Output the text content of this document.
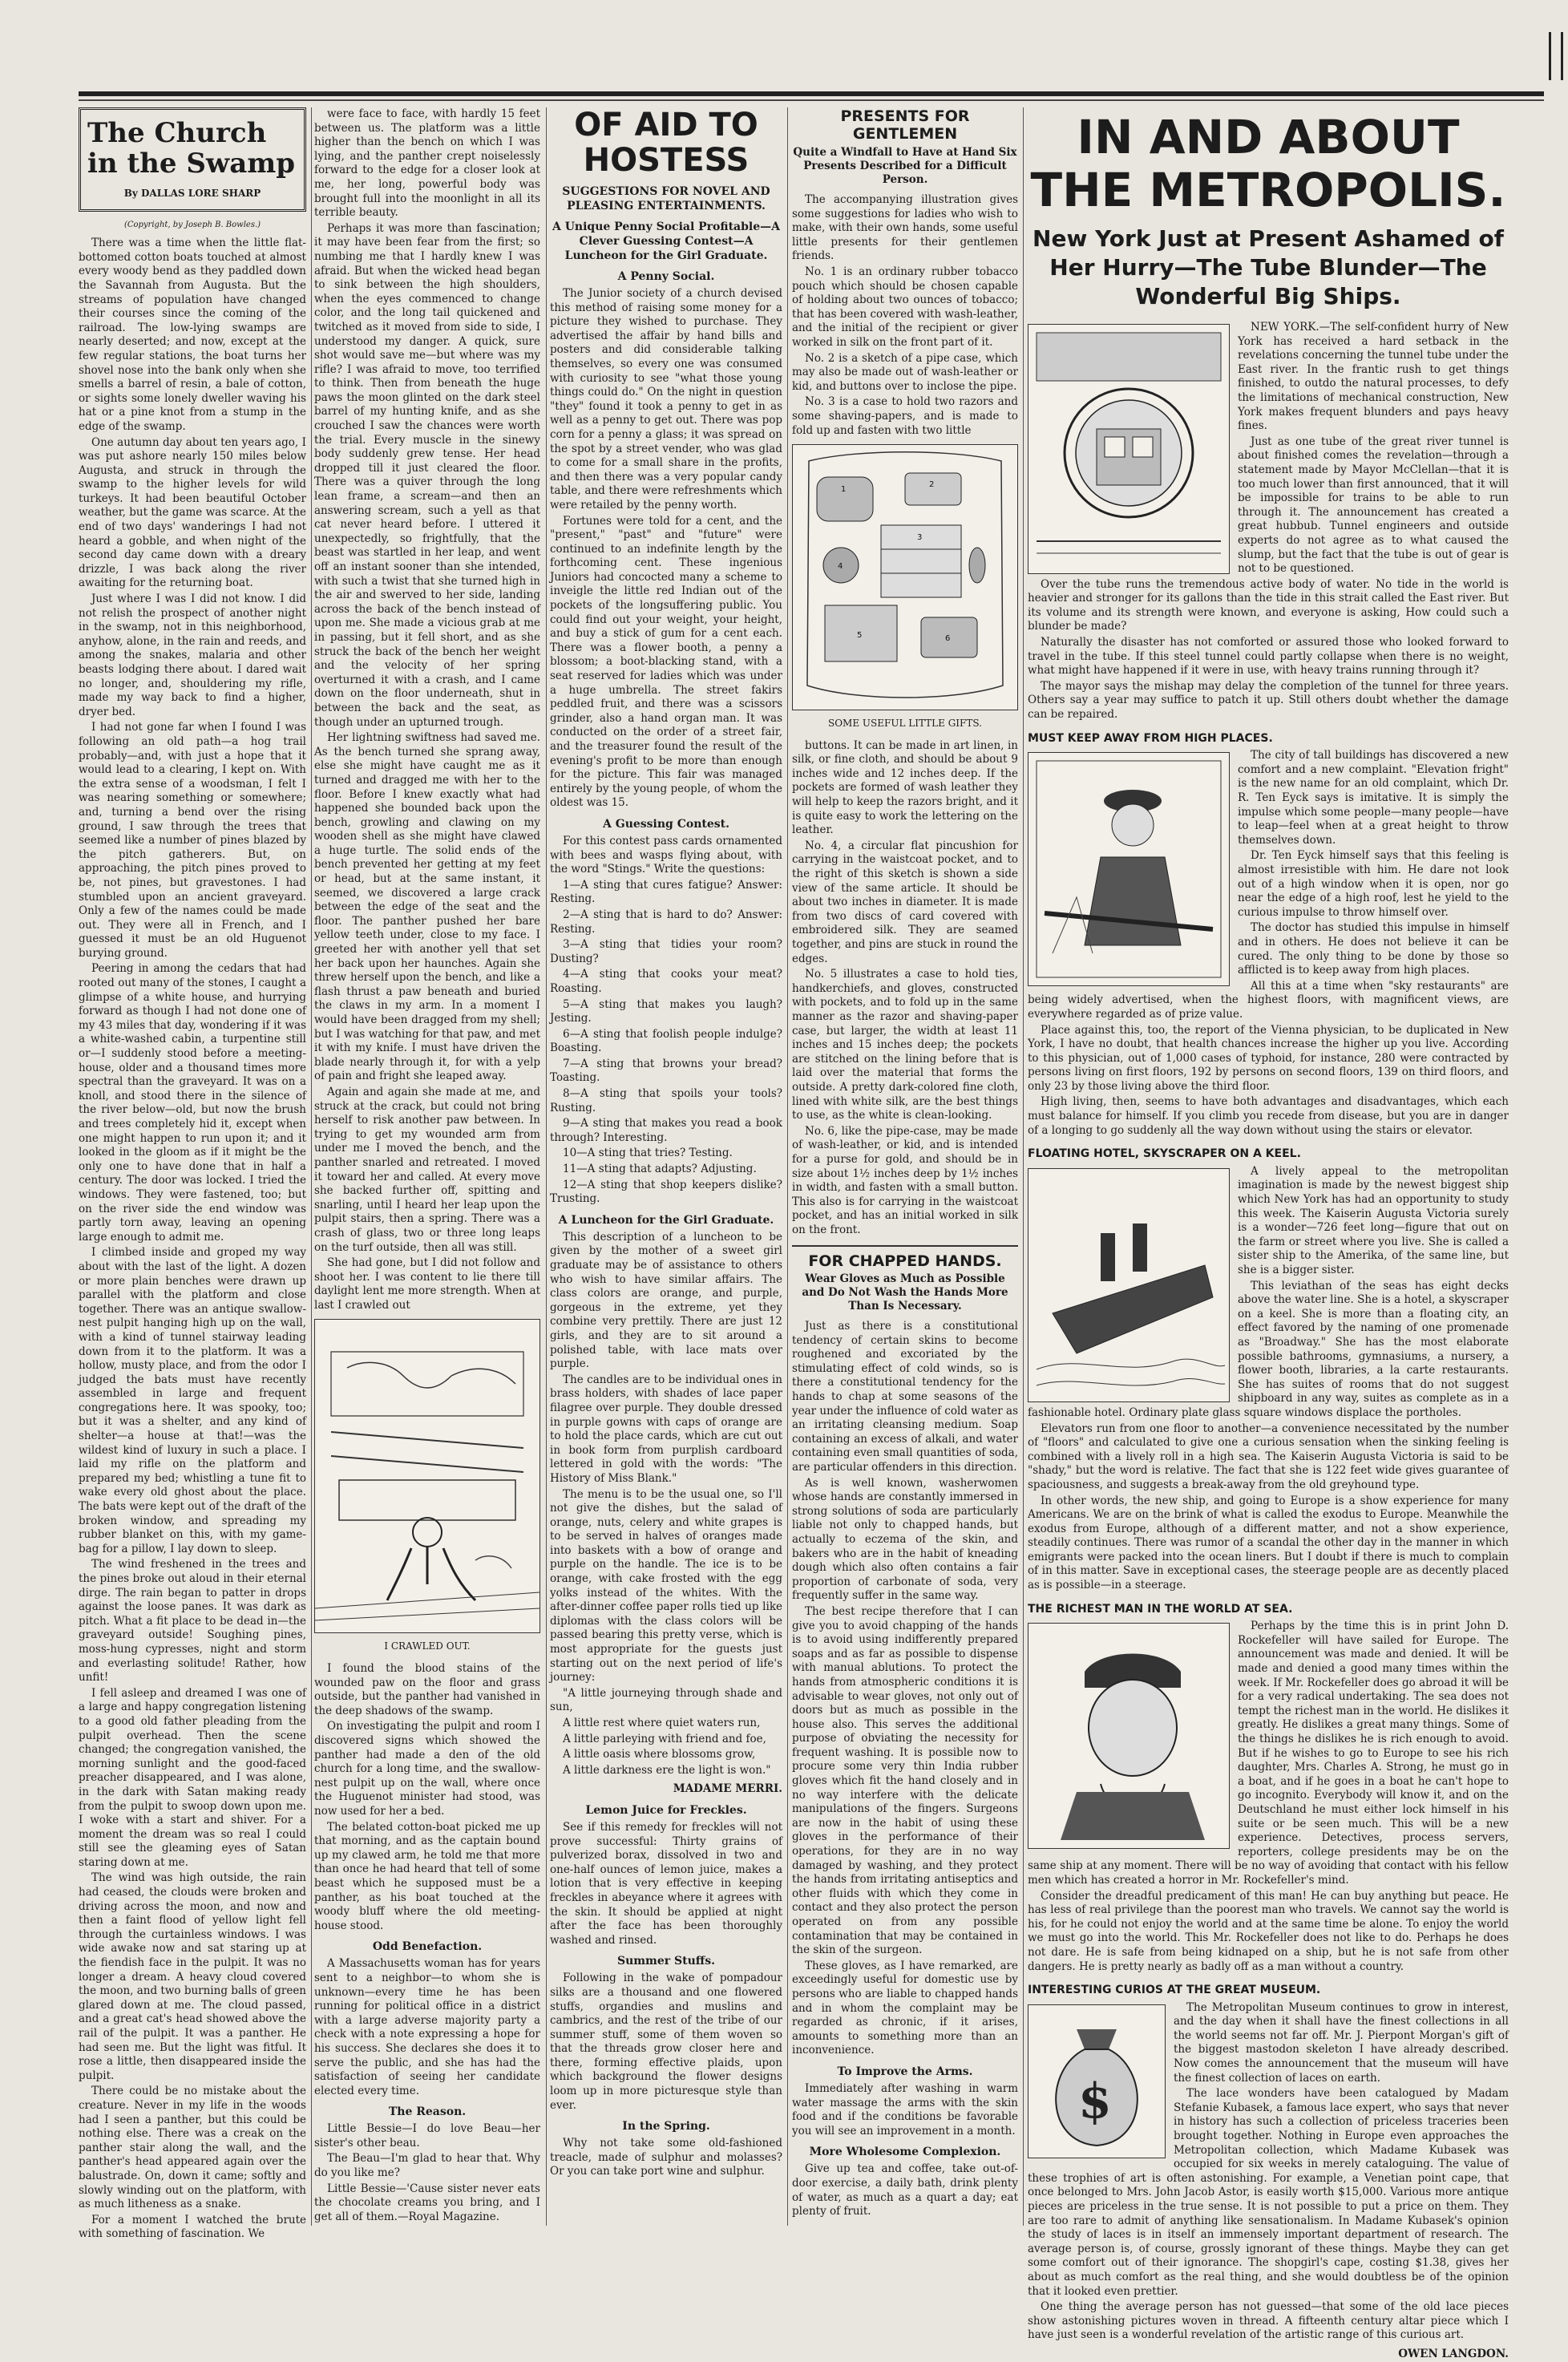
The Church
in the Swamp
By DALLAS LORE SHARP
(Copyright, by Joseph B. Bowles.)

There was a time when the little flat-bottomed cotton boats touched at almost every woody bend as they paddled down the Savannah from Augusta. But the streams of population have changed their courses since the coming of the railroad. The low-lying swamps are nearly deserted; and now, except at the few regular stations, the boat turns her shovel nose into the bank only when she smells a barrel of resin, a bale of cotton, or sights some lonely dweller waving his hat or a pine knot from a stump in the edge of the swamp.

One autumn day about ten years ago, I was put ashore nearly 150 miles below Augusta, and struck in through the swamp to the higher levels for wild turkeys. It had been beautiful October weather, but the game was scarce. At the end of two days' wanderings I had not heard a gobble, and when night of the second day came down with a dreary drizzle, I was back along the river awaiting for the returning boat.

Just where I was I did not know. I did not relish the prospect of another night in the swamp, not in this neighborhood, anyhow, alone, in the rain and reeds, and among the snakes, malaria and other beasts lodging there about. I dared wait no longer, and, shouldering my rifle, made my way back to find a higher, dryer bed.

I had not gone far when I found I was following an old path—a hog trail probably—and, with just a hope that it would lead to a clearing, I kept on. With the extra sense of a woodsman, I felt I was nearing something or somewhere; and, turning a bend over the rising ground, I saw through the trees that seemed like a number of pines blazed by the pitch gatherers. But, on approaching, the pitch pines proved to be, not pines, but gravestones. I had stumbled upon an ancient graveyard. Only a few of the names could be made out. They were all in French, and I guessed it must be an old Huguenot burying ground.

Peering in among the cedars that had rooted out many of the stones, I caught a glimpse of a white house, and hurrying forward as though I had not done one of my 43 miles that day, wondering if it was a white-washed cabin, a turpentine still or—I suddenly stood before a meeting-house, older and a thousand times more spectral than the graveyard. It was on a knoll, and stood there in the silence of the river below—old, but now the brush and trees completely hid it, except when one might happen to run upon it; and it looked in the gloom as if it might be the only one to have done that in half a century. The door was locked. I tried the windows. They were fastened, too; but on the river side the end window was partly torn away, leaving an opening large enough to admit me.

I climbed inside and groped my way about with the last of the light. A dozen or more plain benches were drawn up parallel with the platform and close together. There was an antique swallow-nest pulpit hanging high up on the wall, with a kind of tunnel stairway leading down from it to the platform. It was a hollow, musty place, and from the odor I judged the bats must have recently assembled in large and frequent congregations here. It was spooky, too; but it was a shelter, and any kind of shelter—a house at that!—was the wildest kind of luxury in such a place. I laid my rifle on the platform and prepared my bed; whistling a tune fit to wake every old ghost about the place. The bats were kept out of the draft of the broken window, and spreading my rubber blanket on this, with my game-bag for a pillow, I lay down to sleep.

The wind freshened in the trees and the pines broke out aloud in their eternal dirge. The rain began to patter in drops against the loose panes. It was dark as pitch. What a fit place to be dead in—the graveyard outside! Soughing pines, moss-hung cypresses, night and storm and everlasting solitude! Rather, how unfit!

I fell asleep and dreamed I was one of a large and happy congregation listening to a good old father pleading from the pulpit overhead. Then the scene changed; the congregation vanished, the morning sunlight and the good-faced preacher disappeared, and I was alone, in the dark with Satan making ready from the pulpit to swoop down upon me. I woke with a start and shiver. For a moment the dream was so real I could still see the gleaming eyes of Satan staring down at me.

The wind was high outside, the rain had ceased, the clouds were broken and driving across the moon, and now and then a faint flood of yellow light fell through the curtainless windows. I was wide awake now and sat staring up at the fiendish face in the pulpit. It was no longer a dream. A heavy cloud covered the moon, and two burning balls of green glared down at me. The cloud passed, and a great cat's head showed above the rail of the pulpit. It was a panther. He had seen me. But the light was fitful. It rose a little, then disappeared inside the pulpit.

There could be no mistake about the creature. Never in my life in the woods had I seen a panther, but this could be nothing else. There was a creak on the panther stair along the wall, and the panther's head appeared again over the balustrade. On, down it came; softly and slowly winding out on the platform, with as much litheness as a snake.

For a moment I watched the brute with something of fascination. We

were face to face, with hardly 15 feet between us. The platform was a little higher than the bench on which I was lying, and the panther crept noiselessly forward to the edge for a closer look at me, her long, powerful body was brought full into the moonlight in all its terrible beauty.

Perhaps it was more than fascination; it may have been fear from the first; so numbing me that I hardly knew I was afraid. But when the wicked head began to sink between the high shoulders, when the eyes commenced to change color, and the long tail quickened and twitched as it moved from side to side, I understood my danger. A quick, sure shot would save me—but where was my rifle? I was afraid to move, too terrified to think. Then from beneath the huge paws the moon glinted on the dark steel barrel of my hunting knife, and as she crouched I saw the chances were worth the trial. Every muscle in the sinewy body suddenly grew tense. Her head dropped till it just cleared the floor. There was a quiver through the long lean frame, a scream—and then an answering scream, such a yell as that cat never heard before. I uttered it unexpectedly, so frightfully, that the beast was startled in her leap, and went off an instant sooner than she intended, with such a twist that she turned high in the air and swerved to her side, landing across the back of the bench instead of upon me. She made a vicious grab at me in passing, but it fell short, and as she struck the back of the bench her weight and the velocity of her spring overturned it with a crash, and I came down on the floor underneath, shut in between the back and the seat, as though under an upturned trough.

Her lightning swiftness had saved me. As the bench turned she sprang away, else she might have caught me as it turned and dragged me with her to the floor. Before I knew exactly what had happened she bounded back upon the bench, growling and clawing on my wooden shell as she might have clawed a huge turtle. The solid ends of the bench prevented her getting at my feet or head, but at the same instant, it seemed, we discovered a large crack between the edge of the seat and the floor. The panther pushed her bare yellow teeth under, close to my face. I greeted her with another yell that set her back upon her haunches. Again she threw herself upon the bench, and like a flash thrust a paw beneath and buried the claws in my arm. In a moment I would have been dragged from my shell; but I was watching for that paw, and met it with my knife. I must have driven the blade nearly through it, for with a yelp of pain and fright she leaped away.

Again and again she made at me, and struck at the crack, but could not bring herself to risk another paw between. In trying to get my wounded arm from under me I moved the bench, and the panther snarled and retreated. I moved it toward her and called. At every move she backed further off, spitting and snarling, until I heard her leap upon the pulpit stairs, then a spring. There was a crash of glass, two or three long leaps on the turf outside, then all was still.

She had gone, but I did not follow and shoot her. I was content to lie there till daylight lent me more strength. When at last I crawled out

I CRAWLED OUT.

I found the blood stains of the wounded paw on the floor and grass outside, but the panther had vanished in the deep shadows of the swamp.

On investigating the pulpit and room I discovered signs which showed the panther had made a den of the old church for a long time, and the swallow-nest pulpit up on the wall, where once the Huguenot minister had stood, was now used for her a bed.

The belated cotton-boat picked me up that morning, and as the captain bound up my clawed arm, he told me that more than once he had heard that tell of some beast which he supposed must be a panther, as his boat touched at the woody bluff where the old meeting-house stood.

Odd Benefaction.

A Massachusetts woman has for years sent to a neighbor—to whom she is unknown—every time he has been running for political office in a district with a large adverse majority party a check with a note expressing a hope for his success. She declares she does it to serve the public, and she has had the satisfaction of seeing her candidate elected every time.

The Reason.

Little Bessie—I do love Beau—her sister's other beau.

The Beau—I'm glad to hear that. Why do you like me?

Little Bessie—'Cause sister never eats the chocolate creams you bring, and I get all of them.—Royal Magazine.

OF AID TO HOSTESS
SUGGESTIONS FOR NOVEL AND PLEASING ENTERTAINMENTS.
A Unique Penny Social Profitable—A Clever Guessing Contest—A Luncheon for the Girl Graduate.
A Penny Social.

The Junior society of a church devised this method of raising some money for a picture they wished to purchase. They advertised the affair by hand bills and posters and did considerable talking themselves, so every one was consumed with curiosity to see "what those young things could do." On the night in question "they" found it took a penny to get in as well as a penny to get out. There was pop corn for a penny a glass; it was spread on the spot by a street vender, who was glad to come for a small share in the profits, and then there was a very popular candy table, and there were refreshments which were retailed by the penny worth.

Fortunes were told for a cent, and the "present," "past" and "future" were continued to an indefinite length by the forthcoming cent. These ingenious Juniors had concocted many a scheme to inveigle the little red Indian out of the pockets of the longsuffering public. You could find out your weight, your height, and buy a stick of gum for a cent each. There was a flower booth, a penny a blossom; a boot-blacking stand, with a seat reserved for ladies which was under a huge umbrella. The street fakirs peddled fruit, and there was a scissors grinder, also a hand organ man. It was conducted on the order of a street fair, and the treasurer found the result of the evening's profit to be more than enough for the picture. This fair was managed entirely by the young people, of whom the oldest was 15.

A Guessing Contest.

For this contest pass cards ornamented with bees and wasps flying about, with the word "Stings." Write the questions:

1—A sting that cures fatigue? Answer: Resting.

2—A sting that is hard to do? Answer: Resting.

3—A sting that tidies your room? Dusting?

4—A sting that cooks your meat? Roasting.

5—A sting that makes you laugh? Jesting.

6—A sting that foolish people indulge? Boasting.

7—A sting that browns your bread? Toasting.

8—A sting that spoils your tools? Rusting.

9—A sting that makes you read a book through? Interesting.

10—A sting that tries? Testing.

11—A sting that adapts? Adjusting.

12—A sting that shop keepers dislike? Trusting.

A Luncheon for the Girl Graduate.

This description of a luncheon to be given by the mother of a sweet girl graduate may be of assistance to others who wish to have similar affairs. The class colors are orange, and purple, gorgeous in the extreme, yet they combine very prettily. There are just 12 girls, and they are to sit around a polished table, with lace mats over purple.

The candles are to be individual ones in brass holders, with shades of lace paper filagree over purple. They double dressed in purple gowns with caps of orange are to hold the place cards, which are cut out in book form from purplish cardboard lettered in gold with the words: "The History of Miss Blank."

The menu is to be the usual one, so I'll not give the dishes, but the salad of orange, nuts, celery and white grapes is to be served in halves of oranges made into baskets with a bow of orange and purple on the handle. The ice is to be orange, with cake frosted with the egg yolks instead of the whites. With the after-dinner coffee paper rolls tied up like diplomas with the class colors will be passed bearing this pretty verse, which is most appropriate for the guests just starting out on the next period of life's journey:

"A little journeying through shade and sun,

A little rest where quiet waters run,

A little parleying with friend and foe,

A little oasis where blossoms grow,

A little darkness ere the light is won."

MADAME MERRI.
Lemon Juice for Freckles.

See if this remedy for freckles will not prove successful: Thirty grains of pulverized borax, dissolved in two and one-half ounces of lemon juice, makes a lotion that is very effective in keeping freckles in abeyance where it agrees with the skin. It should be applied at night after the face has been thoroughly washed and rinsed.

Summer Stuffs.

Following in the wake of pompadour silks are a thousand and one flowered stuffs, organdies and muslins and cambrics, and the rest of the tribe of our summer stuff, some of them woven so that the threads grow closer here and there, forming effective plaids, upon which background the flower designs loom up in more picturesque style than ever.

In the Spring.

Why not take some old-fashioned treacle, made of sulphur and molasses? Or you can take port wine and sulphur.

PRESENTS FOR GENTLEMEN
Quite a Windfall to Have at Hand Six Presents Described for a Difficult Person.

The accompanying illustration gives some suggestions for ladies who wish to make, with their own hands, some useful little presents for their gentlemen friends.

No. 1 is an ordinary rubber tobacco pouch which should be chosen capable of holding about two ounces of tobacco; that has been covered with wash-leather, and the initial of the recipient or giver worked in silk on the front part of it.

No. 2 is a sketch of a pipe case, which may also be made out of wash-leather or kid, and buttons over to inclose the pipe.

No. 3 is a case to hold two razors and some shaving-papers, and is made to fold up and fasten with two little

1
2
3
4
5	6
SOME USEFUL LITTLE GIFTS.

buttons. It can be made in art linen, in silk, or fine cloth, and should be about 9 inches wide and 12 inches deep. If the pockets are formed of wash leather they will help to keep the razors bright, and it is quite easy to work the lettering on the leather.

No. 4, a circular flat pincushion for carrying in the waistcoat pocket, and to the right of this sketch is shown a side view of the same article. It should be about two inches in diameter. It is made from two discs of card covered with embroidered silk. They are seamed together, and pins are stuck in round the edges.

No. 5 illustrates a case to hold ties, handkerchiefs, and gloves, constructed with pockets, and to fold up in the same manner as the razor and shaving-paper case, but larger, the width at least 11 inches and 15 inches deep; the pockets are stitched on the lining before that is laid over the material that forms the outside. A pretty dark-colored fine cloth, lined with white silk, are the best things to use, as the white is clean-looking.

No. 6, like the pipe-case, may be made of wash-leather, or kid, and is intended for a purse for gold, and should be in size about 1½ inches deep by 1½ inches in width, and fasten with a small button. This also is for carrying in the waistcoat pocket, and has an initial worked in silk on the front.

FOR CHAPPED HANDS.
Wear Gloves as Much as Possible and Do Not Wash the Hands More Than Is Necessary.

Just as there is a constitutional tendency of certain skins to become roughened and excoriated by the stimulating effect of cold winds, so is there a constitutional tendency for the hands to chap at some seasons of the year under the influence of cold water as an irritating cleansing medium. Soap containing an excess of alkali, and water containing even small quantities of soda, are particular offenders in this direction.

As is well known, washerwomen whose hands are constantly immersed in strong solutions of soda are particularly liable not only to chapped hands, but actually to eczema of the skin, and bakers who are in the habit of kneading dough which also often contains a fair proportion of carbonate of soda, very frequently suffer in the same way.

The best recipe therefore that I can give you to avoid chapping of the hands is to avoid using indifferently prepared soaps and as far as possible to dispense with manual ablutions. To protect the hands from atmospheric conditions it is advisable to wear gloves, not only out of doors but as much as possible in the house also. This serves the additional purpose of obviating the necessity for frequent washing. It is possible now to procure some very thin India rubber gloves which fit the hand closely and in no way interfere with the delicate manipulations of the fingers. Surgeons are now in the habit of using these gloves in the performance of their operations, for they are in no way damaged by washing, and they protect the hands from irritating antiseptics and other fluids with which they come in contact and they also protect the person operated on from any possible contamination that may be contained in the skin of the surgeon.

These gloves, as I have remarked, are exceedingly useful for domestic use by persons who are liable to chapped hands and in whom the complaint may be regarded as chronic, if it arises, amounts to something more than an inconvenience.

To Improve the Arms.

Immediately after washing in warm water massage the arms with the skin food and if the conditions be favorable you will see an improvement in a month.

More Wholesome Complexion.

Give up tea and coffee, take out-of-door exercise, a daily bath, drink plenty of water, as much as a quart a day; eat plenty of fruit.

IN AND ABOUT THE METROPOLIS.
New York Just at Present Ashamed of Her Hurry—The Tube Blunder—The Wonderful Big Ships.

NEW YORK.—The self-confident hurry of New York has received a hard setback in the revelations concerning the tunnel tube under the East river. In the frantic rush to get things finished, to outdo the natural processes, to defy the limitations of mechanical construction, New York makes frequent blunders and pays heavy fines.

Just as one tube of the great river tunnel is about finished comes the revelation—through a statement made by Mayor McClellan—that it is too much lower than first announced, that it will be impossible for trains to be able to run through it. The announcement has created a great hubbub. Tunnel engineers and outside experts do not agree as to what caused the slump, but the fact that the tube is out of gear is not to be questioned.

Over the tube runs the tremendous active body of water. No tide in the world is heavier and stronger for its gallons than the tide in this strait called the East river. But its volume and its strength were known, and everyone is asking, How could such a blunder be made?

Naturally the disaster has not comforted or assured those who looked forward to travel in the tube. If this steel tunnel could partly collapse when there is no weight, what might have happened if it were in use, with heavy trains running through it?

The mayor says the mishap may delay the completion of the tunnel for three years. Others say a year may suffice to patch it up. Still others doubt whether the damage can be repaired.

MUST KEEP AWAY FROM HIGH PLACES.

The city of tall buildings has discovered a new comfort and a new complaint. "Elevation fright" is the new name for an old complaint, which Dr. R. Ten Eyck says is imitative. It is simply the impulse which some people—many people—have to leap—feel when at a great height to throw themselves down.

Dr. Ten Eyck himself says that this feeling is almost irresistible with him. He dare not look out of a high window when it is open, nor go near the edge of a high roof, lest he yield to the curious impulse to throw himself over.

The doctor has studied this impulse in himself and in others. He does not believe it can be cured. The only thing to be done by those so afflicted is to keep away from high places.

All this at a time when "sky restaurants" are being widely advertised, when the highest floors, with magnificent views, are everywhere regarded as of prize value.

Place against this, too, the report of the Vienna physician, to be duplicated in New York, I have no doubt, that health chances increase the higher up you live. According to this physician, out of 1,000 cases of typhoid, for instance, 280 were contracted by persons living on first floors, 192 by persons on second floors, 139 on third floors, and only 23 by those living above the third floor.

High living, then, seems to have both advantages and disadvantages, which each must balance for himself. If you climb you recede from disease, but you are in danger of a longing to go suddenly all the way down without using the stairs or elevator.

FLOATING HOTEL, SKYSCRAPER ON A KEEL.

A lively appeal to the metropolitan imagination is made by the newest biggest ship which New York has had an opportunity to study this week. The Kaiserin Augusta Victoria surely is a wonder—726 feet long—figure that out on the farm or street where you live. She is called a sister ship to the Amerika, of the same line, but she is a bigger sister.

This leviathan of the seas has eight decks above the water line. She is a hotel, a skyscraper on a keel. She is more than a floating city, an effect favored by the naming of one promenade as "Broadway." She has the most elaborate possible bathrooms, gymnasiums, a nursery, a flower booth, libraries, a la carte restaurants. She has suites of rooms that do not suggest shipboard in any way, suites as complete as in a fashionable hotel. Ordinary plate glass square windows displace the portholes.

Elevators run from one floor to another—a convenience necessitated by the number of "floors" and calculated to give one a curious sensation when the sinking feeling is combined with a lively roll in a high sea. The Kaiserin Augusta Victoria is said to be "shady," but the word is relative. The fact that she is 122 feet wide gives guarantee of spaciousness, and suggests a break-away from the old greyhound type.

In other words, the new ship, and going to Europe is a show experience for many Americans. We are on the brink of what is called the exodus to Europe. Meanwhile the exodus from Europe, although of a different matter, and not a show experience, steadily continues. There was rumor of a scandal the other day in the manner in which emigrants were packed into the ocean liners. But I doubt if there is much to complain of in this matter. Save in exceptional cases, the steerage people are as decently placed as is possible—in a steerage.

THE RICHEST MAN IN THE WORLD AT SEA.

Perhaps by the time this is in print John D. Rockefeller will have sailed for Europe. The announcement was made and denied. It will be made and denied a good many times within the week. If Mr. Rockefeller does go abroad it will be for a very radical undertaking. The sea does not tempt the richest man in the world. He dislikes it greatly. He dislikes a great many things. Some of the things he dislikes he is rich enough to avoid. But if he wishes to go to Europe to see his rich daughter, Mrs. Charles A. Strong, he must go in a boat, and if he goes in a boat he can't hope to go incognito. Everybody will know it, and on the Deutschland he must either lock himself in his suite or be seen much. This will be a new experience. Detectives, process servers, reporters, college presidents may be on the same ship at any moment. There will be no way of avoiding that contact with his fellow men which has created a horror in Mr. Rockefeller's mind.

Consider the dreadful predicament of this man! He can buy anything but peace. He has less of real privilege than the poorest man who travels. We cannot say the world is his, for he could not enjoy the world and at the same time be alone. To enjoy the world we must go into the world. This Mr. Rockefeller does not like to do. Perhaps he does not dare. He is safe from being kidnaped on a ship, but he is not safe from other dangers. He is pretty nearly as badly off as a man without a country.

INTERESTING CURIOS AT THE GREAT MUSEUM.
$

The Metropolitan Museum continues to grow in interest, and the day when it shall have the finest collections in all the world seems not far off. Mr. J. Pierpont Morgan's gift of the biggest mastodon skeleton I have already described. Now comes the announcement that the museum will have the finest collection of laces on earth.

The lace wonders have been catalogued by Madam Stefanie Kubasek, a famous lace expert, who says that never in history has such a collection of priceless traceries been brought together. Nothing in Europe even approaches the Metropolitan collection, which Madame Kubasek was occupied for six weeks in merely cataloguing. The value of these trophies of art is often astonishing. For example, a Venetian point cape, that once belonged to Mrs. John Jacob Astor, is easily worth $15,000. Various more antique pieces are priceless in the true sense. It is not possible to put a price on them. They are too rare to admit of anything like sensationalism. In Madame Kubasek's opinion the study of laces is in itself an immensely important department of research. The average person is, of course, grossly ignorant of these things. Maybe they can get some comfort out of their ignorance. The shopgirl's cape, costing $1.38, gives her about as much comfort as the real thing, and she would doubtless be of the opinion that it looked even prettier.

One thing the average person has not guessed—that some of the old lace pieces show astonishing pictures woven in thread. A fifteenth century altar piece which I have just seen is a wonderful revelation of the artistic range of this curious art.

OWEN LANGDON.
